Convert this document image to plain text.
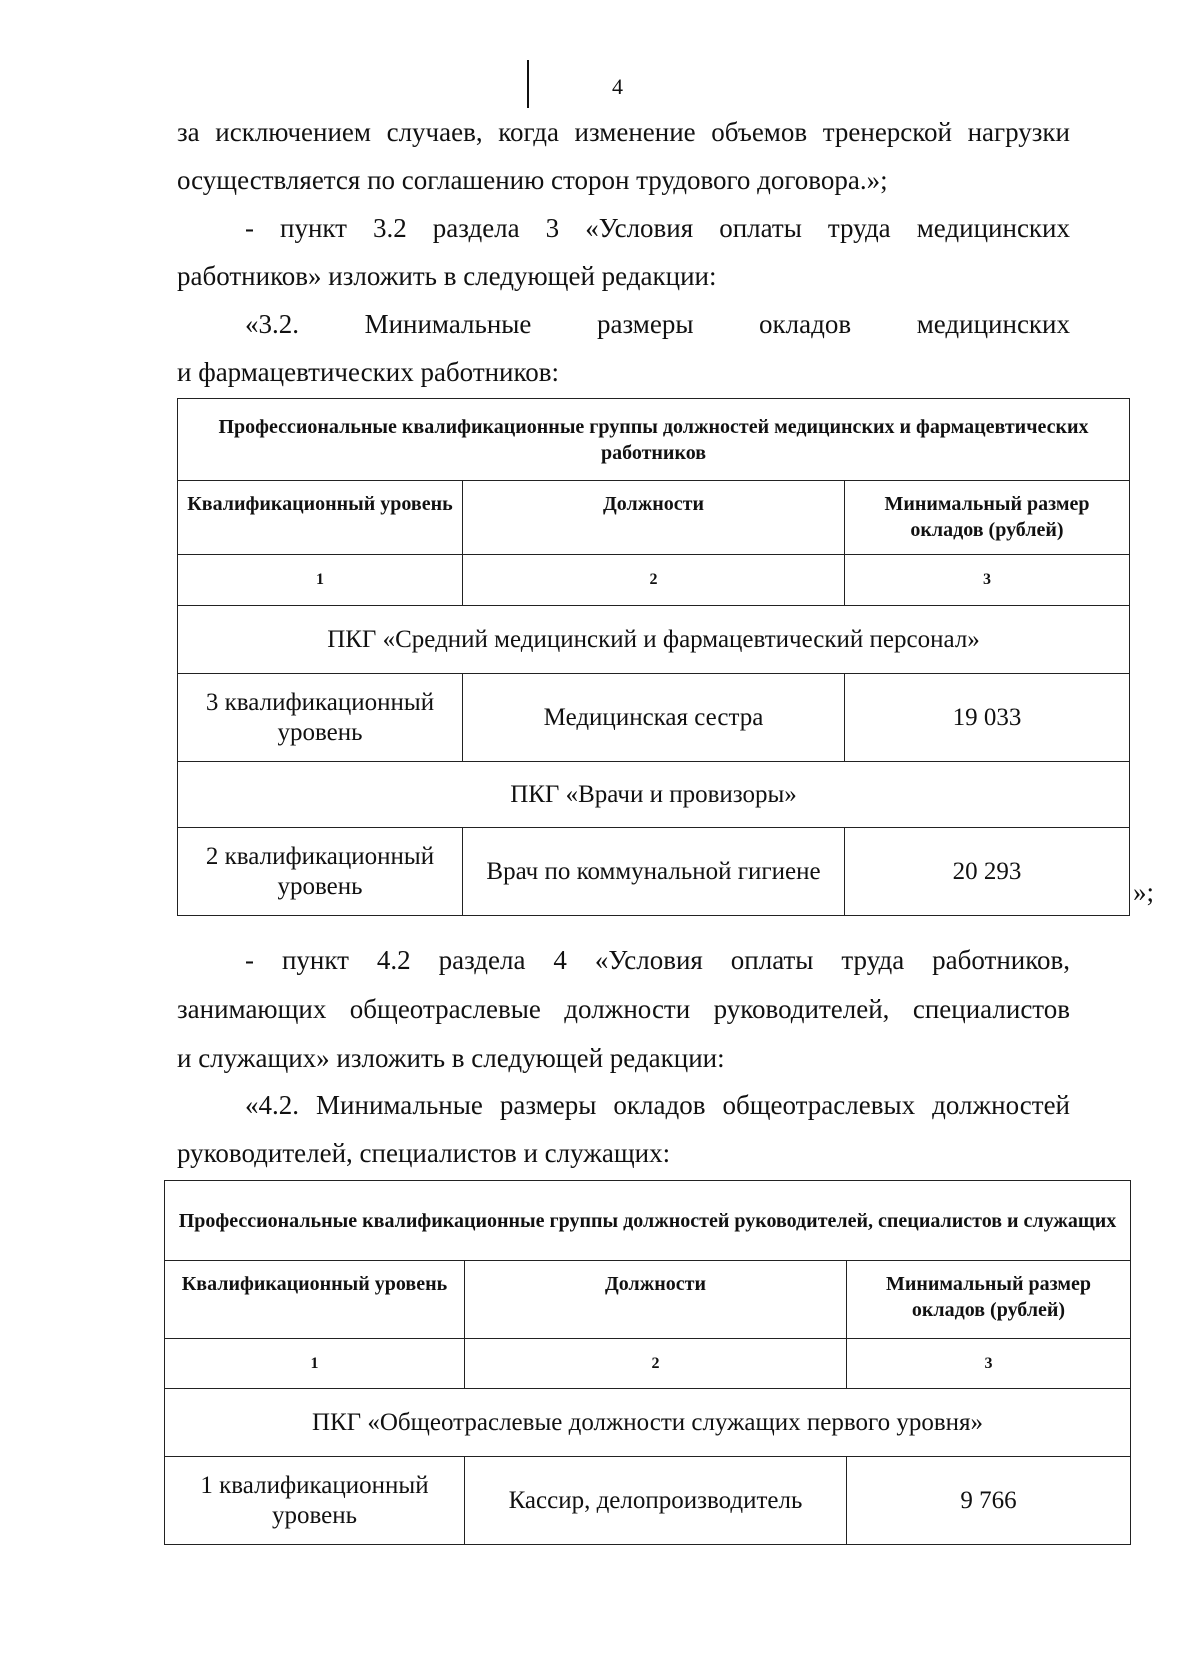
4
за исключением случаев, когда изменение объемов тренерской нагрузки
осуществляется по соглашению сторон трудового договора.»;
- пункт 3.2 раздела 3 «Условия оплаты труда медицинских
работников» изложить в следующей редакции:
«3.2. Минимальные размеры окладов медицинских
и фармацевтических работников:
Профессиональные квалификационные группы должностей медицинских и фармацевтических работников		
Квалификационный уровень	Должности	Минимальный размер окладов (рублей)
1	2	3
ПКГ «Средний медицинский и фармацевтический персонал»		
3 квалификационный уровень	Медицинская сестра	19 033
ПКГ «Врачи и провизоры»		
2 квалификационный уровень	Врач по коммунальной гигиене	20 293
»;
- пункт 4.2 раздела 4 «Условия оплаты труда работников,
занимающих общеотраслевые должности руководителей, специалистов
и служащих» изложить в следующей редакции:
«4.2. Минимальные размеры окладов общеотраслевых должностей
руководителей, специалистов и служащих:
Профессиональные квалификационные группы должностей руководителей, специалистов и служащих		
Квалификационный уровень	Должности	Минимальный размер окладов (рублей)
1	2	3
ПКГ «Общеотраслевые должности служащих первого уровня»		
1 квалификационный уровень	Кассир, делопроизводитель	9 766
